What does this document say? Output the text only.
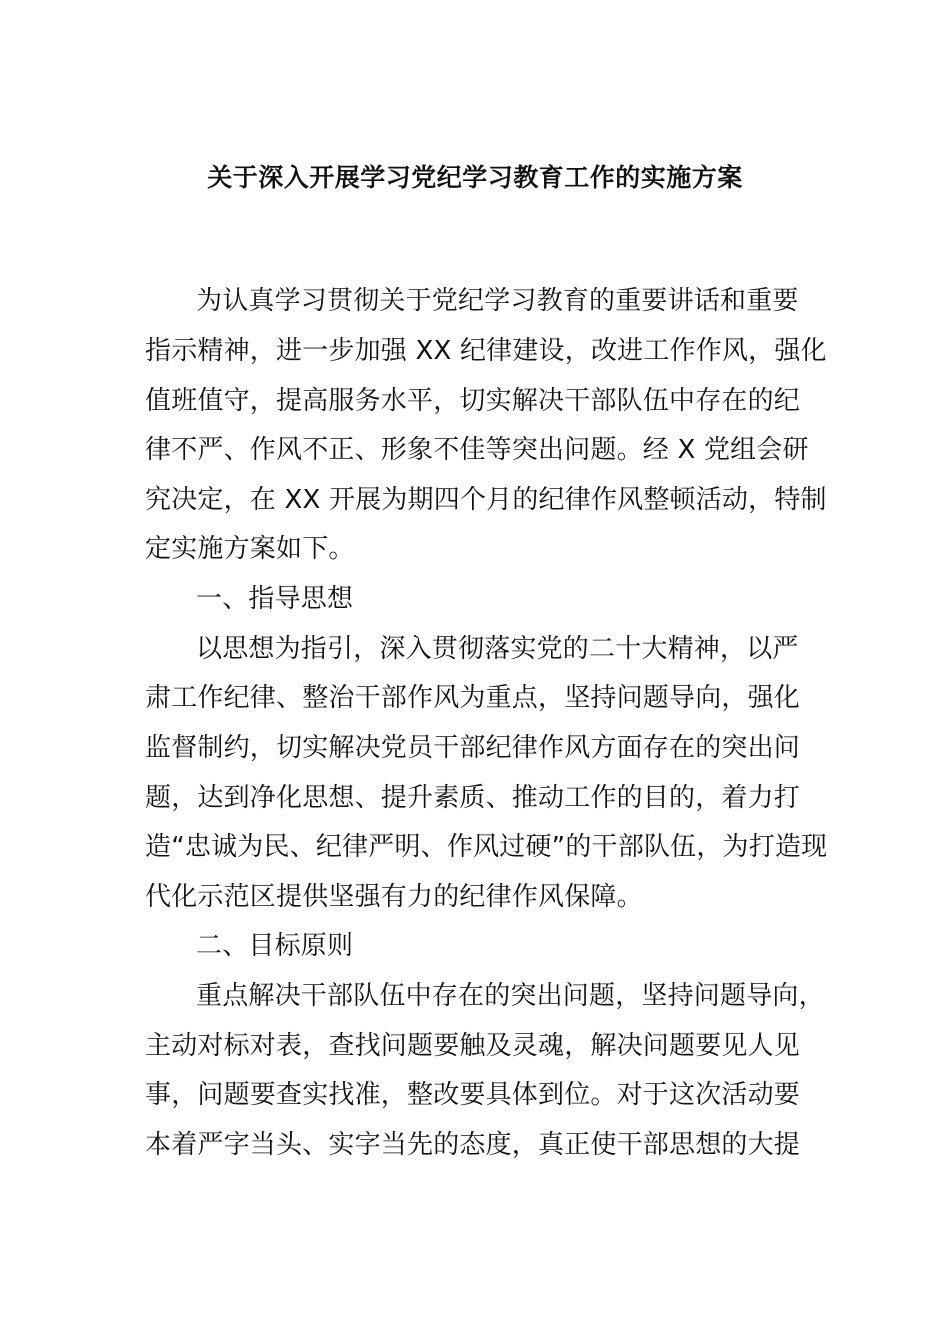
关于深入开展学习党纪学习教育工作的实施方案
为认真学习贯彻关于党纪学习教育的重要讲话和重要
指示精神，进一步加强 XX 纪律建设，改进工作作风，强化
值班值守，提高服务水平，切实解决干部队伍中存在的纪
律不严、作风不正、形象不佳等突出问题。经 X 党组会研
究决定，在 XX 开展为期四个月的纪律作风整顿活动，特制
定实施方案如下。
一、指导思想
以思想为指引，深入贯彻落实党的二十大精神，以严
肃工作纪律、整治干部作风为重点，坚持问题导向，强化
监督制约，切实解决党员干部纪律作风方面存在的突出问
题，达到净化思想、提升素质、推动工作的目的，着力打
造“忠诚为民、纪律严明、作风过硬”的干部队伍，为打造现
代化示范区提供坚强有力的纪律作风保障。
二、目标原则
重点解决干部队伍中存在的突出问题，坚持问题导向，
主动对标对表，查找问题要触及灵魂，解决问题要见人见
事，问题要查实找准，整改要具体到位。对于这次活动要
本着严字当头、实字当先的态度，真正使干部思想的大提
